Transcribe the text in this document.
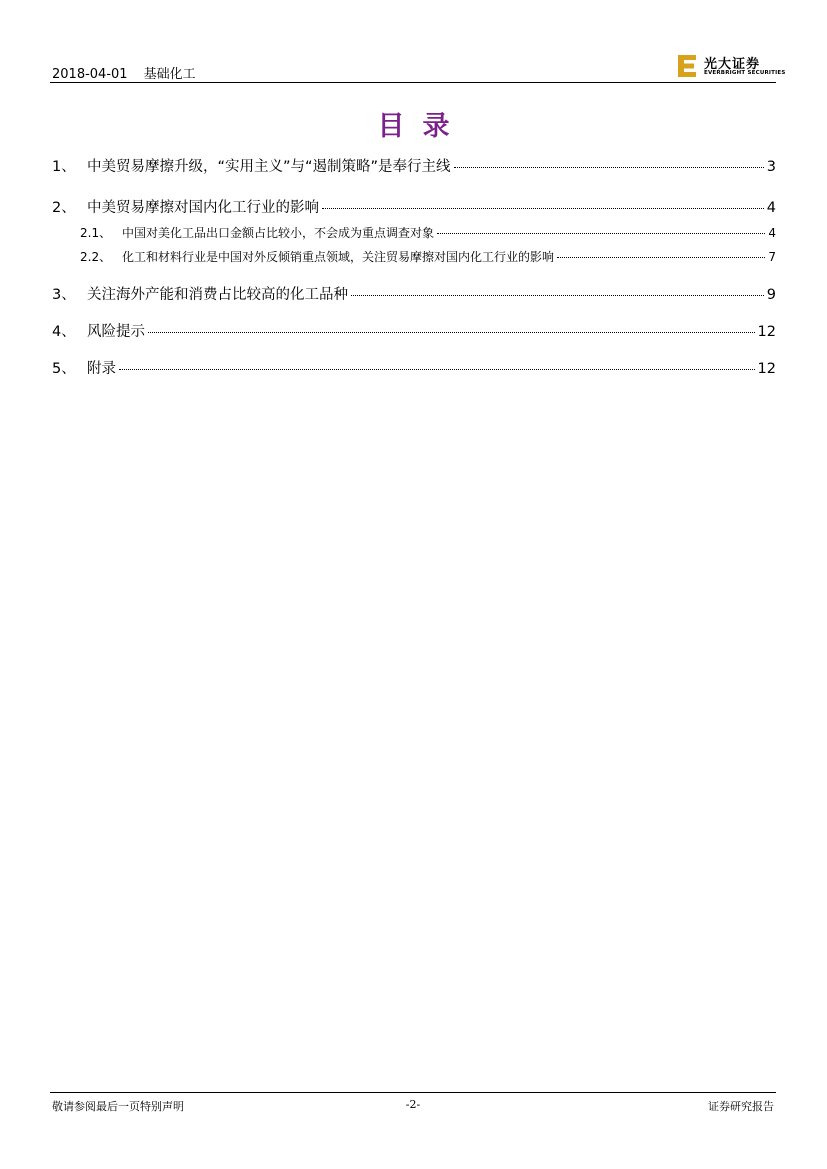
2018-04-01 基础化工
光大证券
EVERBRIGHT SECURITIES
目录
1、 中美贸易摩擦升级，“实用主义”与“遏制策略”是奉行主线	3
2、 中美贸易摩擦对国内化工行业的影响	4
2.1、 中国对美化工品出口金额占比较小，不会成为重点调查对象	4
2.2、 化工和材料行业是中国对外反倾销重点领域，关注贸易摩擦对国内化工行业的影响	7
3、 关注海外产能和消费占比较高的化工品种	9
4、 风险提示	12
5、 附录	12
敬请参阅最后一页特别声明	-2-	证券研究报告
